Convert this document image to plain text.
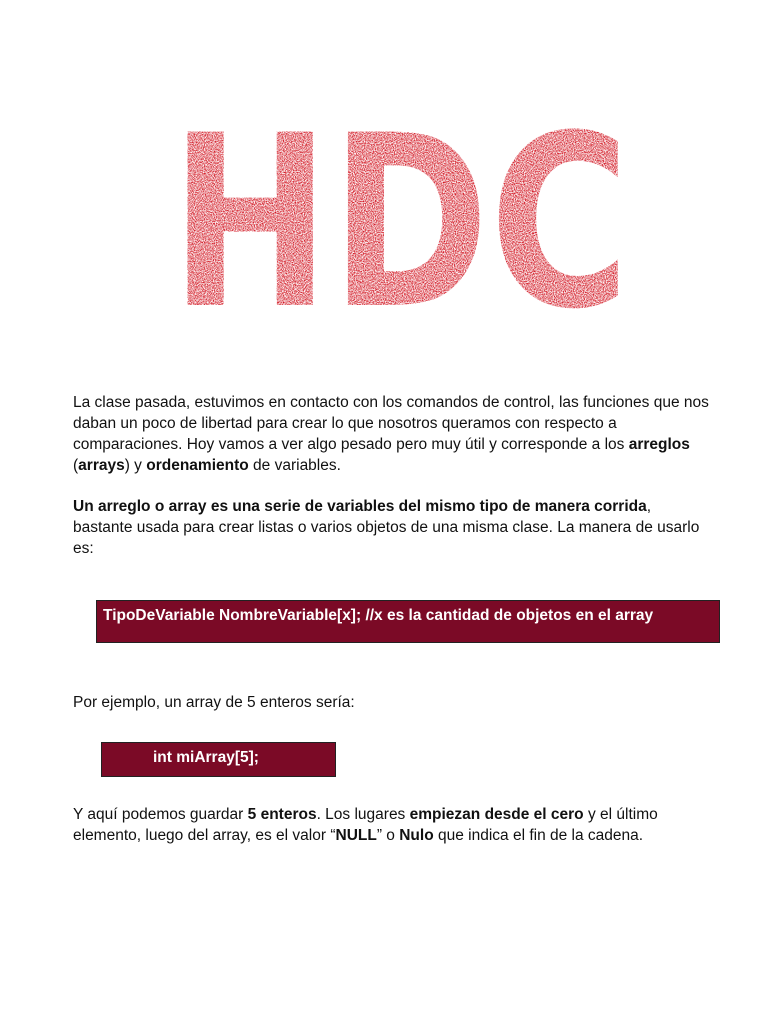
HDC

La clase pasada, estuvimos en contacto con los comandos de control, las funciones que nos daban un poco de libertad para crear lo que nosotros queramos con respecto a comparaciones. Hoy vamos a ver algo pesado pero muy útil y corresponde a los arreglos (arrays) y ordenamiento de variables.

Un arreglo o array es una serie de variables del mismo tipo de manera corrida, bastante usada para crear listas o varios objetos de una misma clase. La manera de usarlo es:

TipoDeVariable NombreVariable[x]; //x es la cantidad de objetos en el array

Por ejemplo, un array de 5 enteros sería:

int miArray[5];

Y aquí podemos guardar 5 enteros. Los lugares empiezan desde el cero y el último elemento, luego del array, es el valor “NULL” o Nulo que indica el fin de la cadena.
